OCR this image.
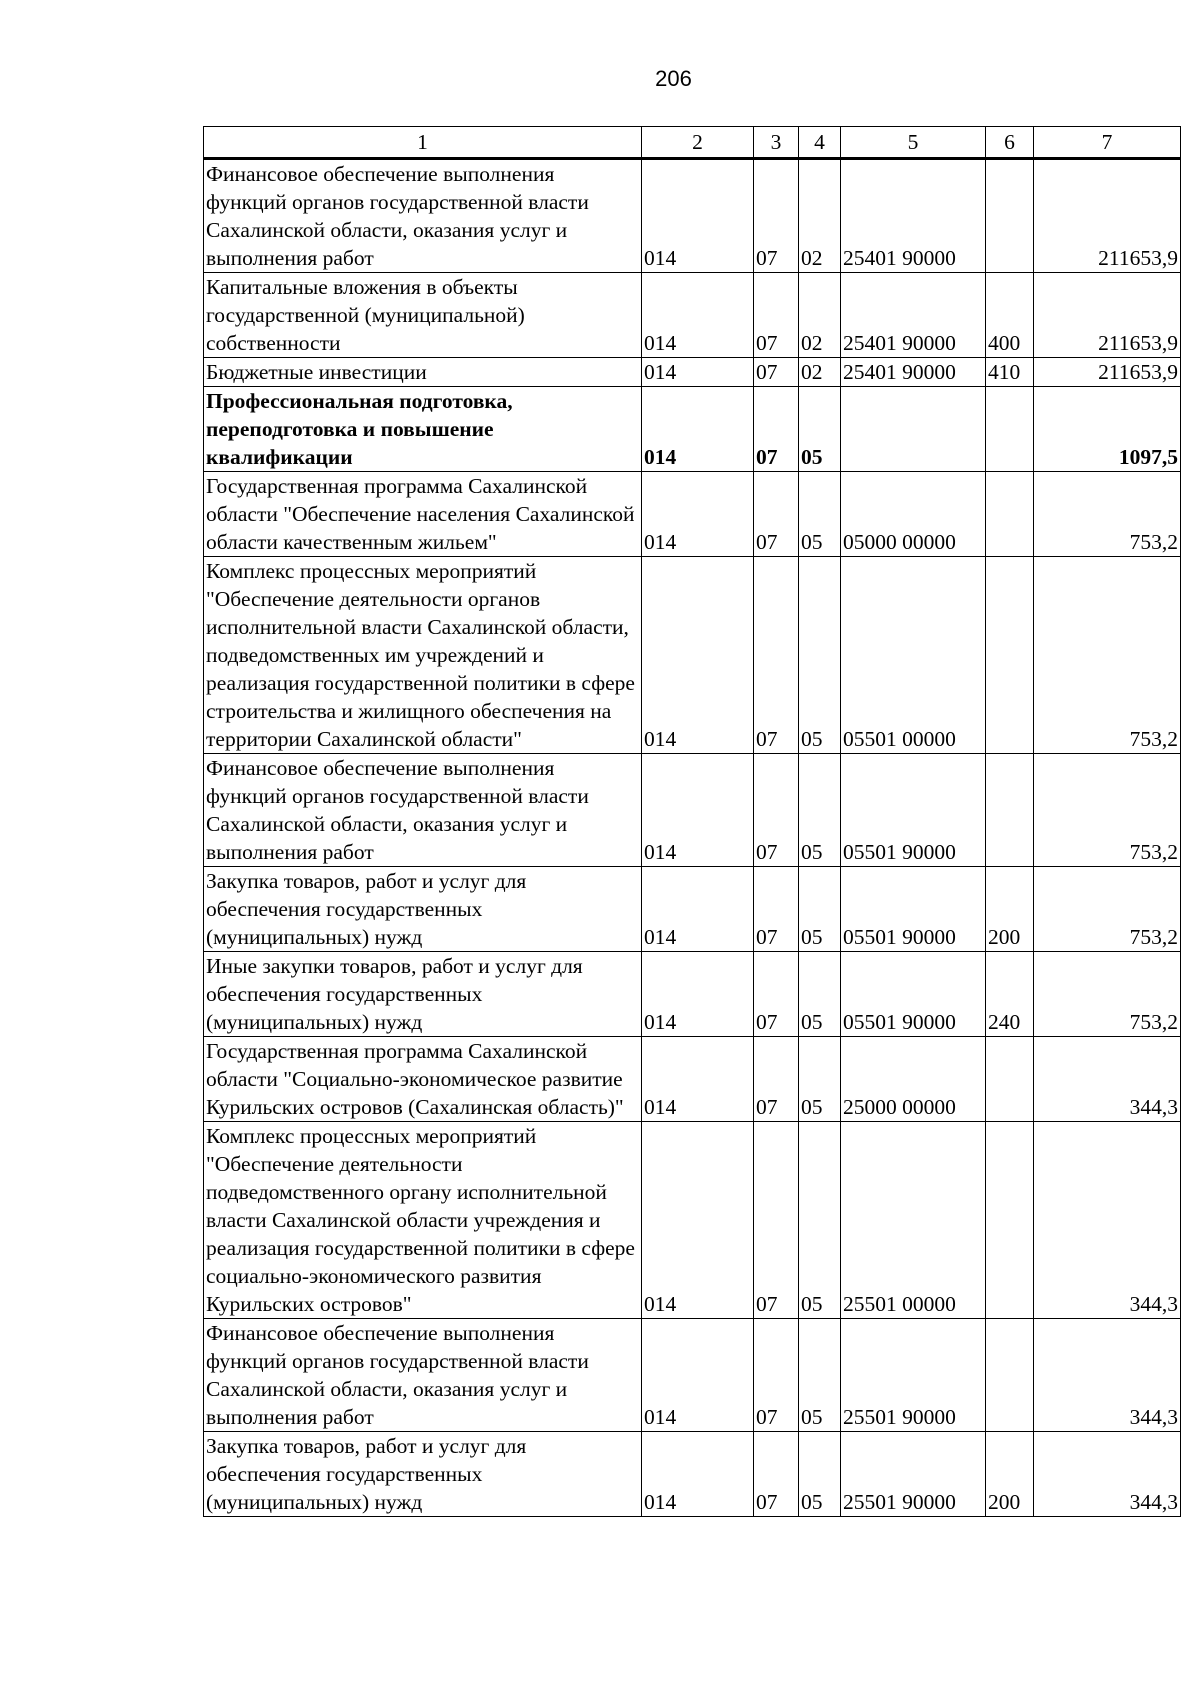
206
1	2	3	4	5	6	7
Финансовое обеспечение выполнения функций органов государственной власти Сахалинской области, оказания услуг и выполнения работ	014	07	02	25401 90000		211653,9
Капитальные вложения в объекты государственной (муниципальной) собственности	014	07	02	25401 90000	400	211653,9
Бюджетные инвестиции	014	07	02	25401 90000	410	211653,9
Профессиональная подготовка, переподготовка и повышение квалификации	014	07	05			1097,5
Государственная программа Сахалинской области "Обеспечение населения Сахалинской области качественным жильем"	014	07	05	05000 00000		753,2
Комплекс процессных мероприятий "Обеспечение деятельности органов исполнительной власти Сахалинской области, подведомственных им учреждений и реализация государственной политики в сфере строительства и жилищного обеспечения на территории Сахалинской области"	014	07	05	05501 00000		753,2
Финансовое обеспечение выполнения функций органов государственной власти Сахалинской области, оказания услуг и выполнения работ	014	07	05	05501 90000		753,2
Закупка товаров, работ и услуг для обеспечения государственных (муниципальных) нужд	014	07	05	05501 90000	200	753,2
Иные закупки товаров, работ и услуг для обеспечения государственных (муниципальных) нужд	014	07	05	05501 90000	240	753,2
Государственная программа Сахалинской области "Социально-экономическое развитие Курильских островов (Сахалинская область)"	014	07	05	25000 00000		344,3
Комплекс процессных мероприятий "Обеспечение деятельности подведомственного органу исполнительной власти Сахалинской области учреждения и реализация государственной политики в сфере социально-экономического развития Курильских островов"	014	07	05	25501 00000		344,3
Финансовое обеспечение выполнения функций органов государственной власти Сахалинской области, оказания услуг и выполнения работ	014	07	05	25501 90000		344,3
Закупка товаров, работ и услуг для обеспечения государственных (муниципальных) нужд	014	07	05	25501 90000	200	344,3
